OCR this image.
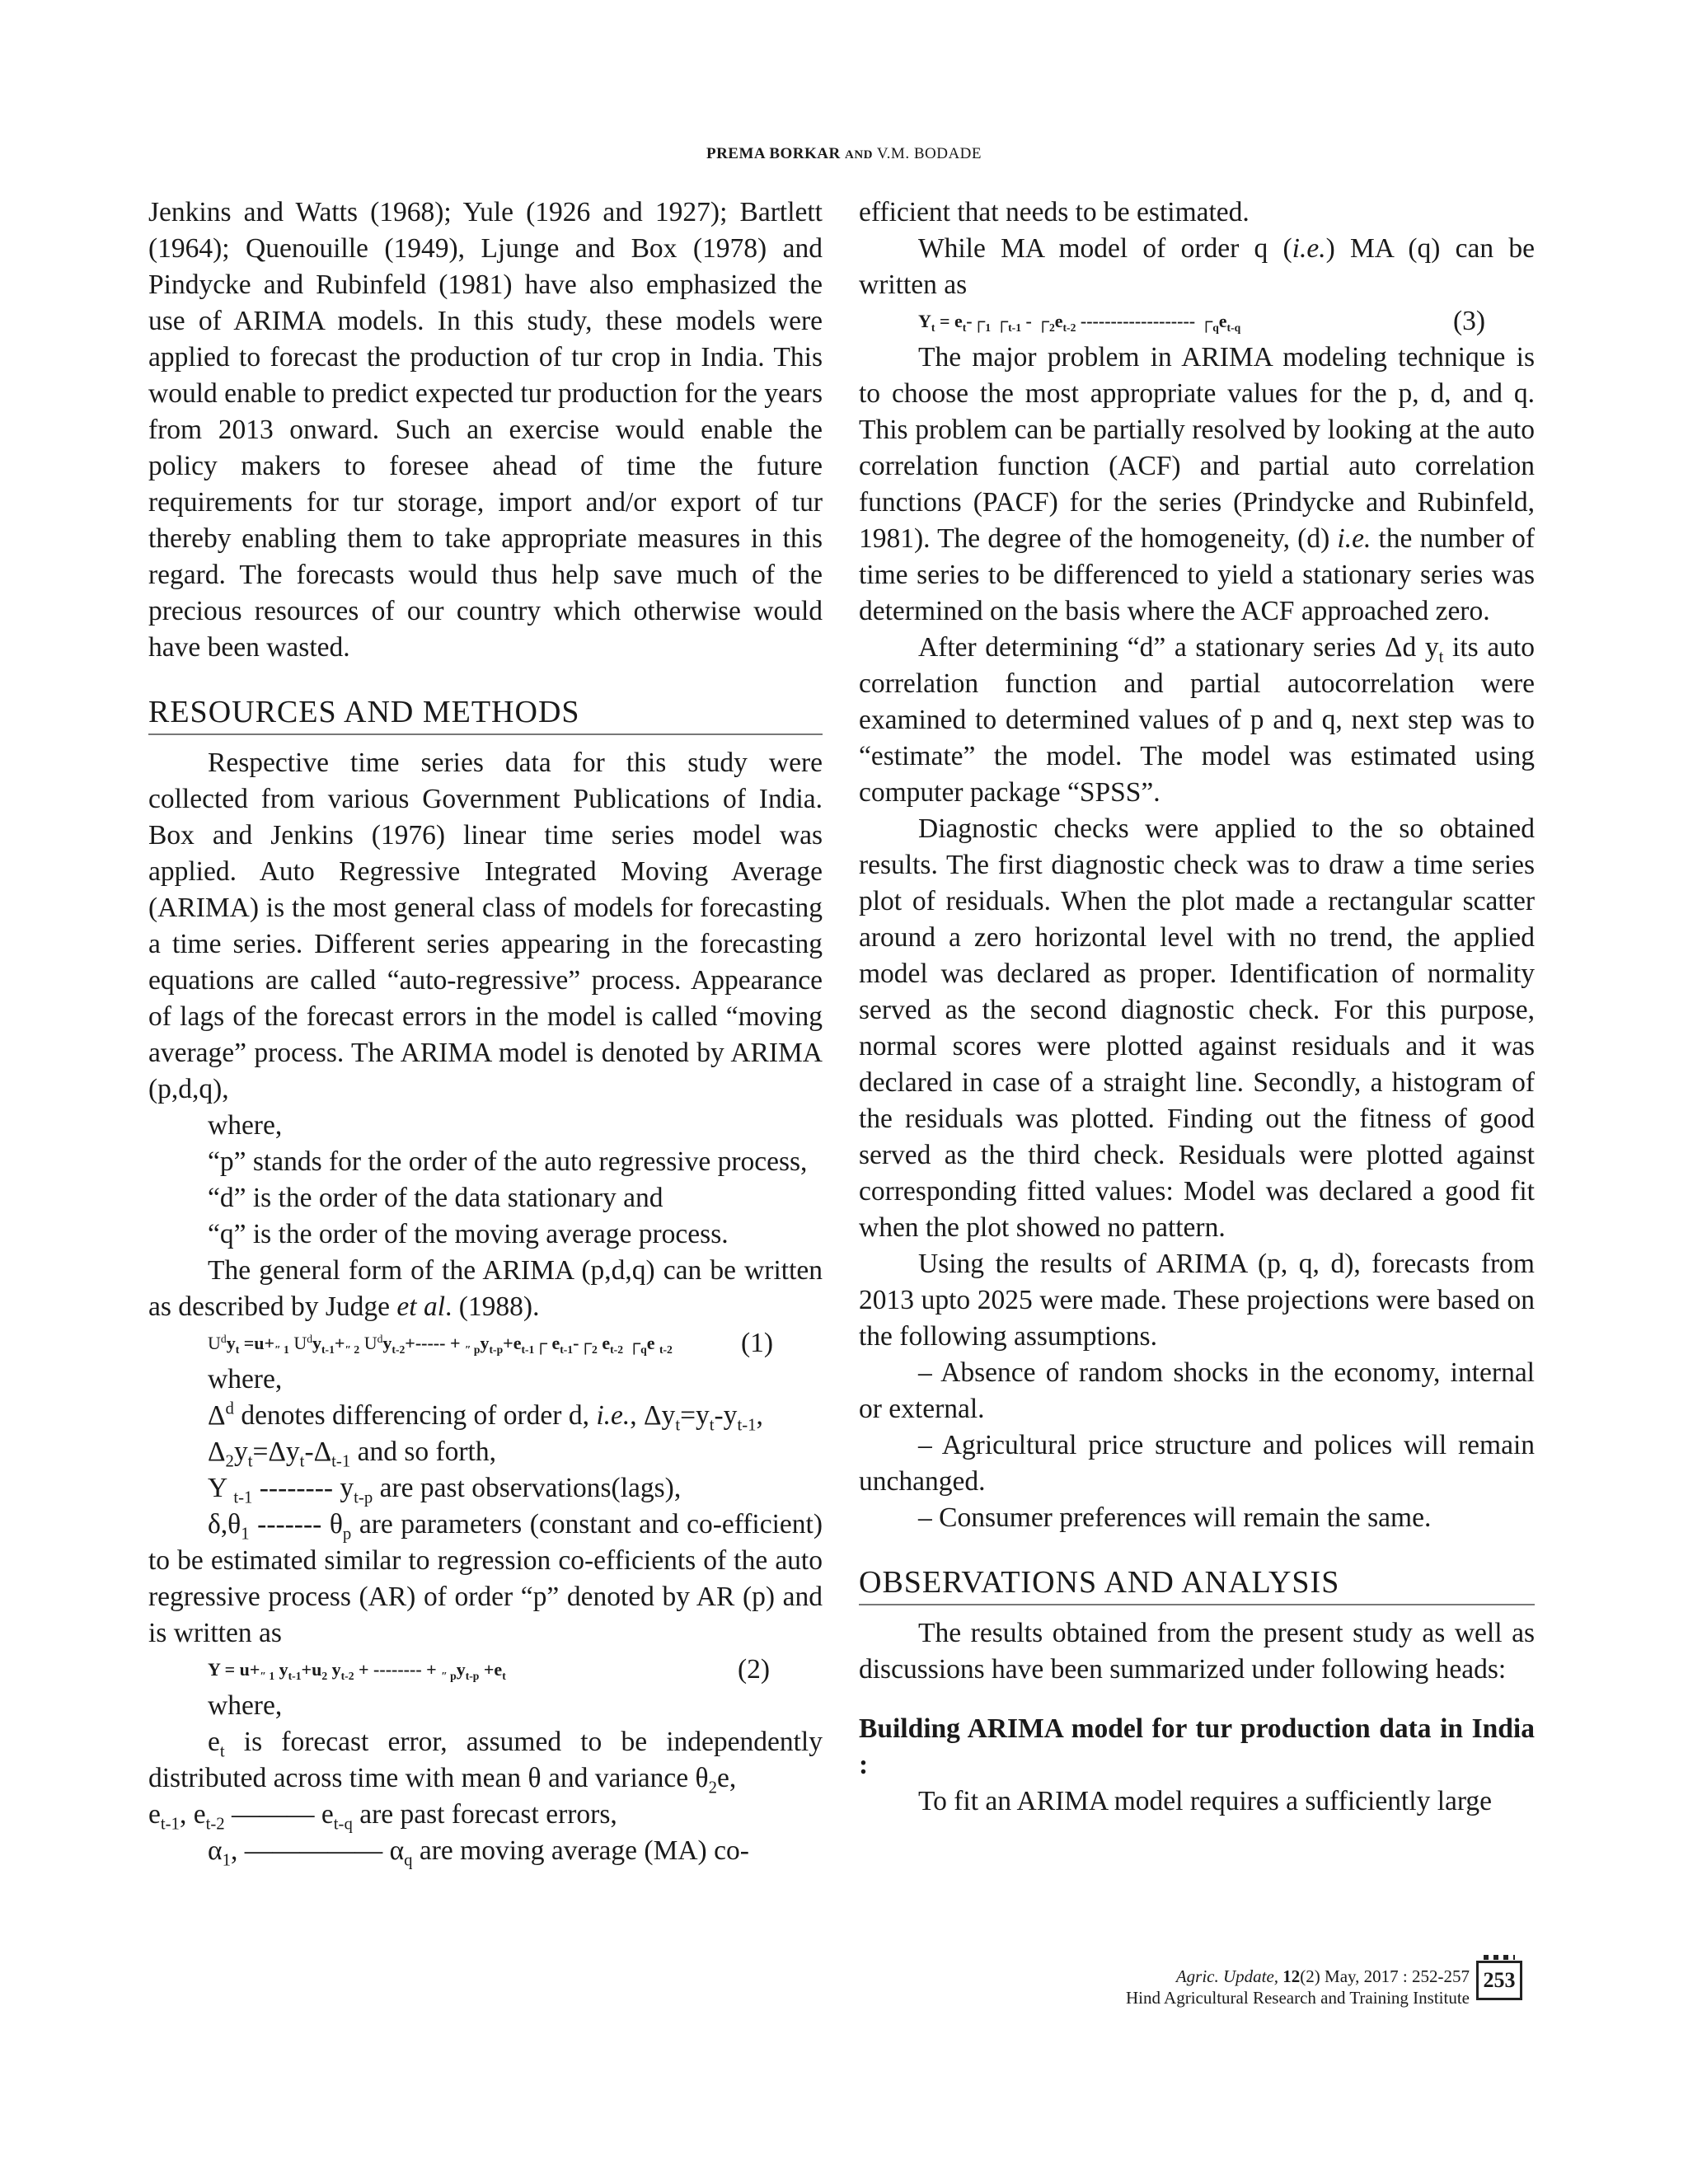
PREMA BORKAR AND V.M. BODADE

Jenkins and Watts (1968); Yule (1926 and 1927); Bartlett (1964); Quenouille (1949), Ljunge and Box (1978) and Pindycke and Rubinfeld (1981) have also emphasized the use of ARIMA models. In this study, these models were applied to forecast the production of tur crop in India. This would enable to predict expected tur production for the years from 2013 onward. Such an exercise would enable the policy makers to foresee ahead of time the future requirements for tur storage, import and/or export of tur thereby enabling them to take appropriate measures in this regard. The forecasts would thus help save much of the precious resources of our country which otherwise would have been wasted.

RESOURCES AND METHODS

Respective time series data for this study were collected from various Government Publications of India. Box and Jenkins (1976) linear time series model was applied. Auto Regressive Integrated Moving Average (ARIMA) is the most general class of models for forecasting a time series. Different series appearing in the forecasting equations are called “auto-regressive” process. Appearance of lags of the forecast errors in the model is called “moving average” process. The ARIMA model is denoted by ARIMA (p,d,q),

where,

“p” stands for the order of the auto regressive process,

“d” is the order of the data stationary and

“q” is the order of the moving average process.

The general form of the ARIMA (p,d,q) can be written as described by Judge et al. (1988).

$U^dy_t =u+_{'' 1}$ $U^dy_{t-1}+_{'' 2}$ $U^dy_{t-2}+-----$ + $_{'' p}y_{t-p}+e_{t-1}┌$ $e_{t-1}-┌_2$ $e_{t-2}$ $┌_qe$ $_{t-2}$ (1)

where,

$\Delta^d$ denotes differencing of order d, i.e., $\Delta y_t=y_t-y_{t-1}$,

$\Delta_2y_t=\Delta y_t-\Delta_{t-1}$ and so forth,

Y $_{t-1}$ -------- $y_{t-p}$ are past observations(lags),

$\delta,\theta_1$ ------- $\theta_p$ are parameters (constant and co-efficient) to be estimated similar to regression co-efficients of the auto regressive process (AR) of order “p” denoted by AR (p) and is written as

$Y = u+_{'' 1}$ $y_{t-1}+u_2$ $y_{t-2}$ + -------- + $_{'' p}y_{t-p} +e_t$	(2)

where,

$e_t$ is forecast error, assumed to be independently distributed across time with mean θ and variance $\theta_2e$,

$e_{t-1}$, $e_{t-2}$ ——— $e_{t-q}$ are past forecast errors,

$\alpha_1$, ————— $\alpha_q$ are moving average (MA) co-

efficient that needs to be estimated.

While MA model of order q (i.e.) MA (q) can be written as

$Y_t$ = $e_t-┌_1$ $┌_{t-1}$ - $┌_2e_{t-2}$ ------------------- $┌_qe_{t-q}$	(3)

The major problem in ARIMA modeling technique is to choose the most appropriate values for the p, d, and q. This problem can be partially resolved by looking at the auto correlation function (ACF) and partial auto correlation functions (PACF) for the series (Prindycke and Rubinfeld, 1981). The degree of the homogeneity, (d) i.e. the number of time series to be differenced to yield a stationary series was determined on the basis where the ACF approached zero.

After determining “d” a stationary series Δd $y_t$ its auto correlation function and partial autocorrelation were examined to determined values of p and q, next step was to “estimate” the model. The model was estimated using computer package “SPSS”.

Diagnostic checks were applied to the so obtained results. The first diagnostic check was to draw a time series plot of residuals. When the plot made a rectangular scatter around a zero horizontal level with no trend, the applied model was declared as proper. Identification of normality served as the second diagnostic check. For this purpose, normal scores were plotted against residuals and it was declared in case of a straight line. Secondly, a histogram of the residuals was plotted. Finding out the fitness of good served as the third check. Residuals were plotted against corresponding fitted values: Model was declared a good fit when the plot showed no pattern.

Using the results of ARIMA (p, q, d), forecasts from 2013 upto 2025 were made. These projections were based on the following assumptions.

– Absence of random shocks in the economy, internal or external.

– Agricultural price structure and polices will remain unchanged.

– Consumer preferences will remain the same.

OBSERVATIONS AND ANALYSIS

The results obtained from the present study as well as discussions have been summarized under following heads:

Building ARIMA model for tur production data in India :

To fit an ARIMA model requires a sufficiently large

Agric. Update, 12(2) May, 2017 : 252-257
Hind Agricultural Research and Training Institute
253
